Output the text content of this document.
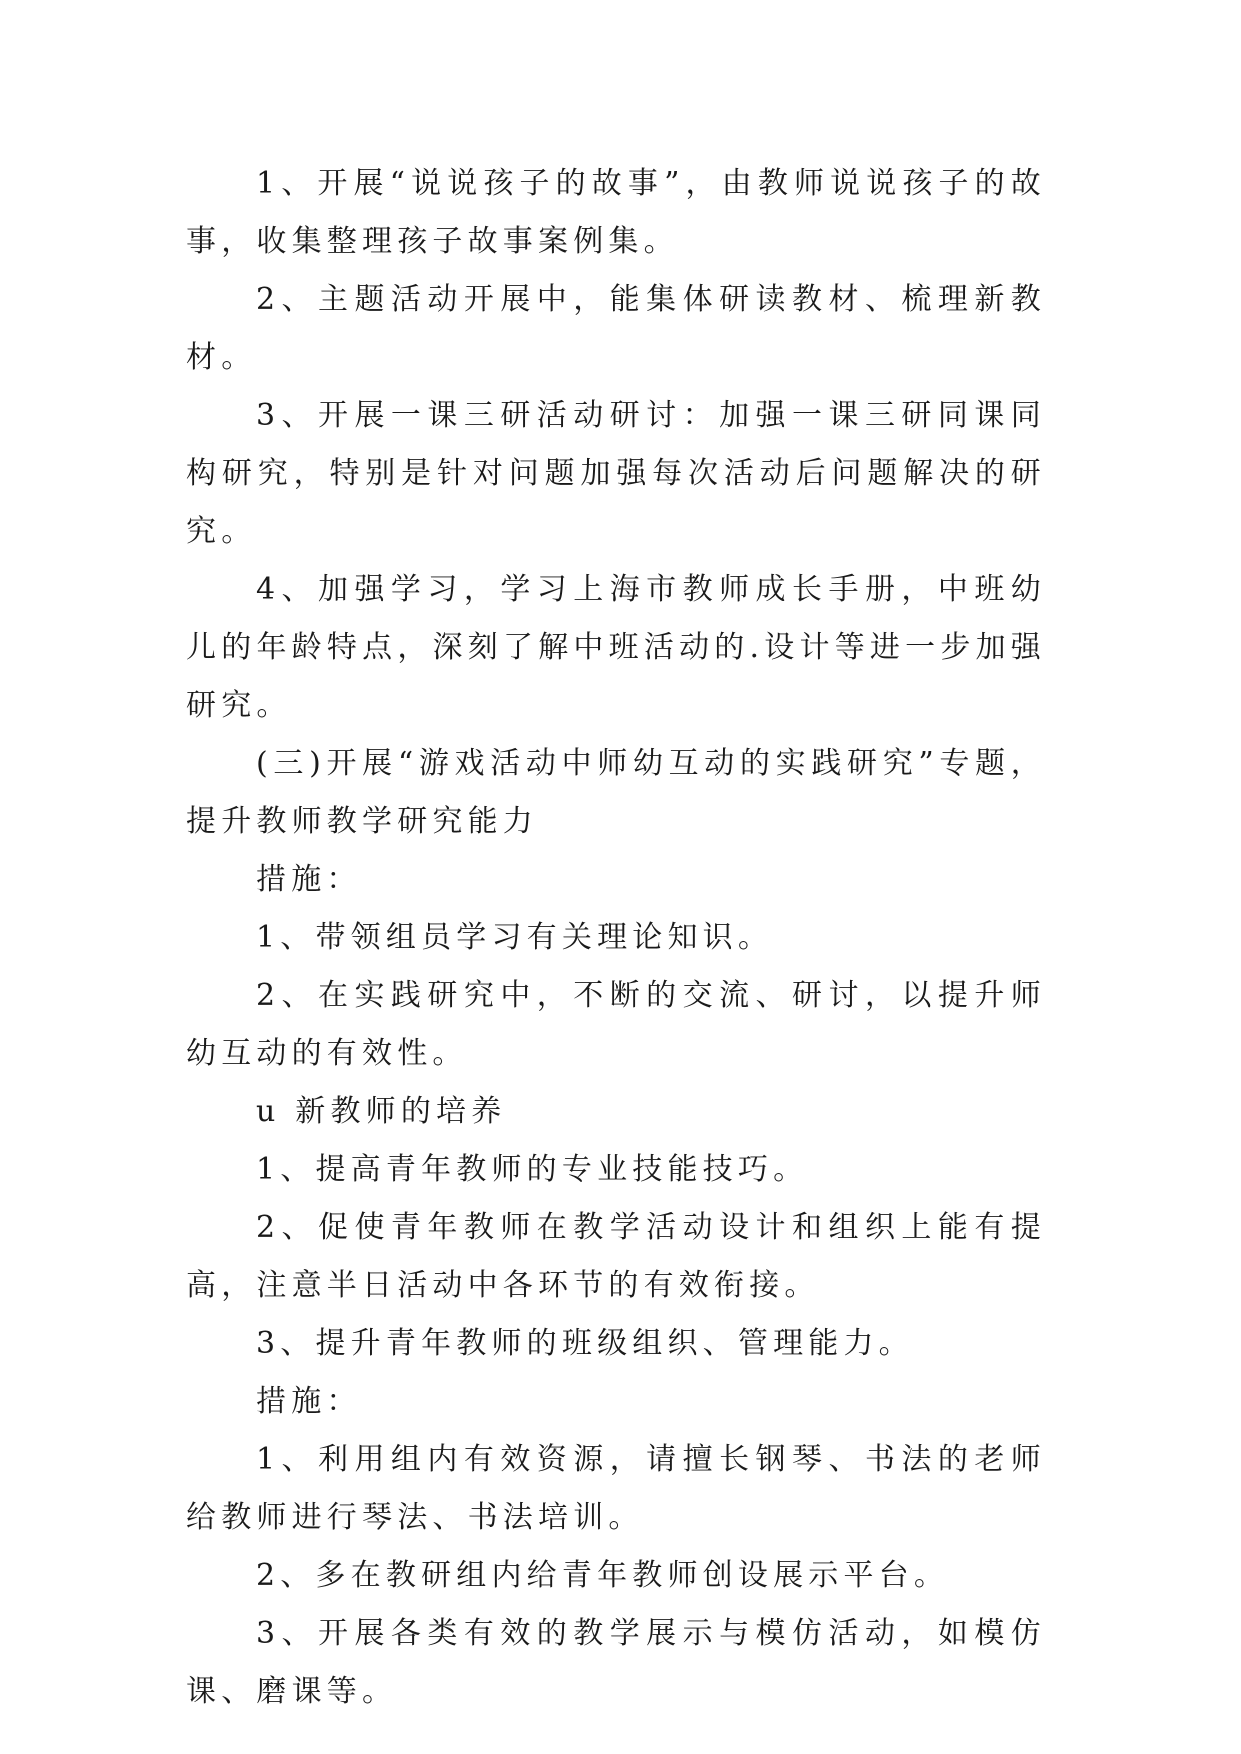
1、开展“说说孩子的故事”，由教师说说孩子的故事，收集整理孩子故事案例集。

2、主题活动开展中，能集体研读教材、梳理新教材。

3、开展一课三研活动研讨：加强一课三研同课同构研究，特别是针对问题加强每次活动后问题解决的研究。

4、加强学习，学习上海市教师成长手册，中班幼儿的年龄特点，深刻了解中班活动的.设计等进一步加强研究。

(三)开展“游戏活动中师幼互动的实践研究”专题，提升教师教学研究能力

措施：

1、带领组员学习有关理论知识。

2、在实践研究中，不断的交流、研讨，以提升师幼互动的有效性。

u 新教师的培养

1、提高青年教师的专业技能技巧。

2、促使青年教师在教学活动设计和组织上能有提高，注意半日活动中各环节的有效衔接。

3、提升青年教师的班级组织、管理能力。

措施：

1、利用组内有效资源，请擅长钢琴、书法的老师给教师进行琴法、书法培训。

2、多在教研组内给青年教师创设展示平台。

3、开展各类有效的教学展示与模仿活动，如模仿课、磨课等。
